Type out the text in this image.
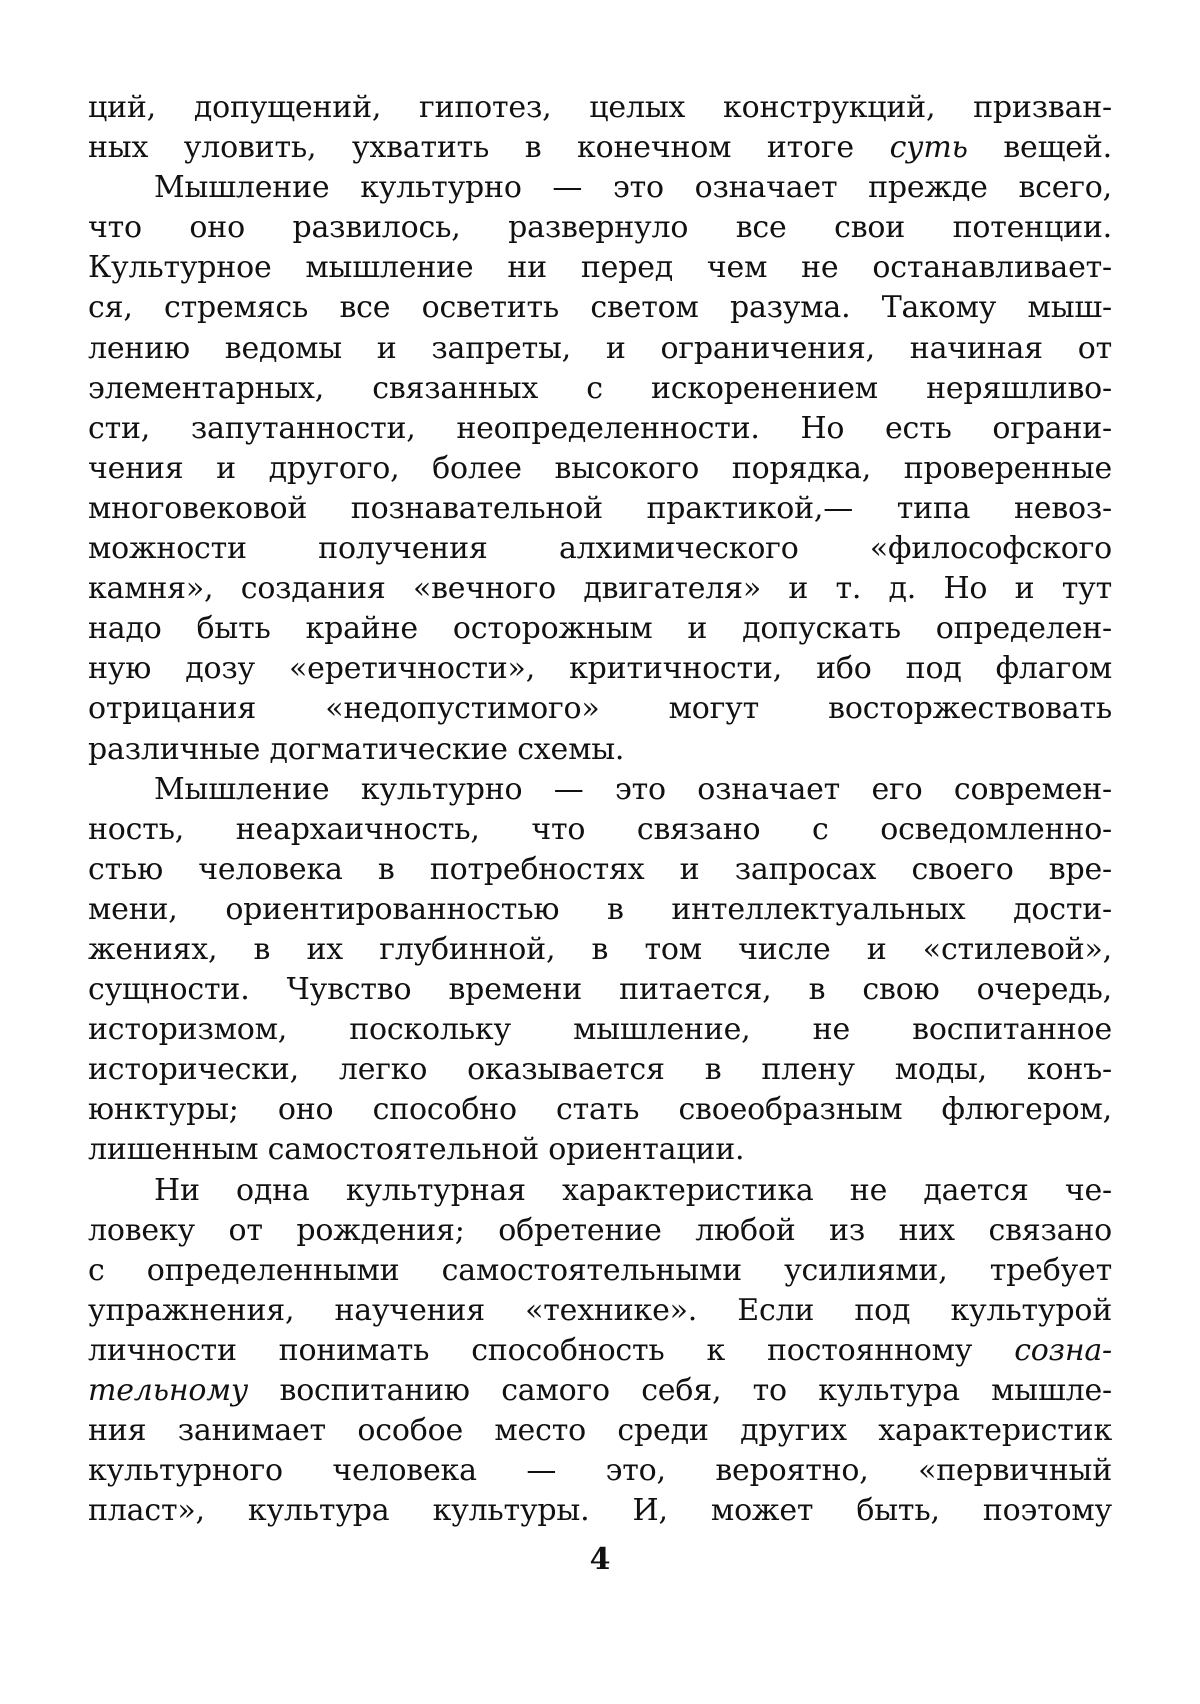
ций, допущений, гипотез, целых конструкций, призван-
ных уловить, ухватить в конечном итоге суть вещей.
Мышление культурно — это означает прежде всего,
что оно развилось, развернуло все свои потенции.
Культурное мышление ни перед чем не останавливает-
ся, стремясь все осветить светом разума. Такому мыш-
лению ведомы и запреты, и ограничения, начиная от
элементарных, связанных с искоренением неряшливо-
сти, запутанности, неопределенности. Но есть ограни-
чения и другого, более высокого порядка, проверенные
многовековой познавательной практикой,— типа невоз-
можности получения алхимического «философского
камня», создания «вечного двигателя» и т. д. Но и тут
надо быть крайне осторожным и допускать определен-
ную дозу «еретичности», критичности, ибо под флагом
отрицания «недопустимого» могут восторжествовать
различные догматические схемы.
Мышление культурно — это означает его современ-
ность, неархаичность, что связано с осведомленно-
стью человека в потребностях и запросах своего вре-
мени, ориентированностью в интеллектуальных дости-
жениях, в их глубинной, в том числе и «стилевой»,
сущности. Чувство времени питается, в свою очередь,
историзмом, поскольку мышление, не воспитанное
исторически, легко оказывается в плену моды, конъ-
юнктуры; оно способно стать своеобразным флюгером,
лишенным самостоятельной ориентации.
Ни одна культурная характеристика не дается че-
ловеку от рождения; обретение любой из них связано
с определенными самостоятельными усилиями, требует
упражнения, научения «технике». Если под культурой
личности понимать способность к постоянному созна-
тельному воспитанию самого себя, то культура мышле-
ния занимает особое место среди других характеристик
культурного человека — это, вероятно, «первичный
пласт», культура культуры. И, может быть, поэтому
4
